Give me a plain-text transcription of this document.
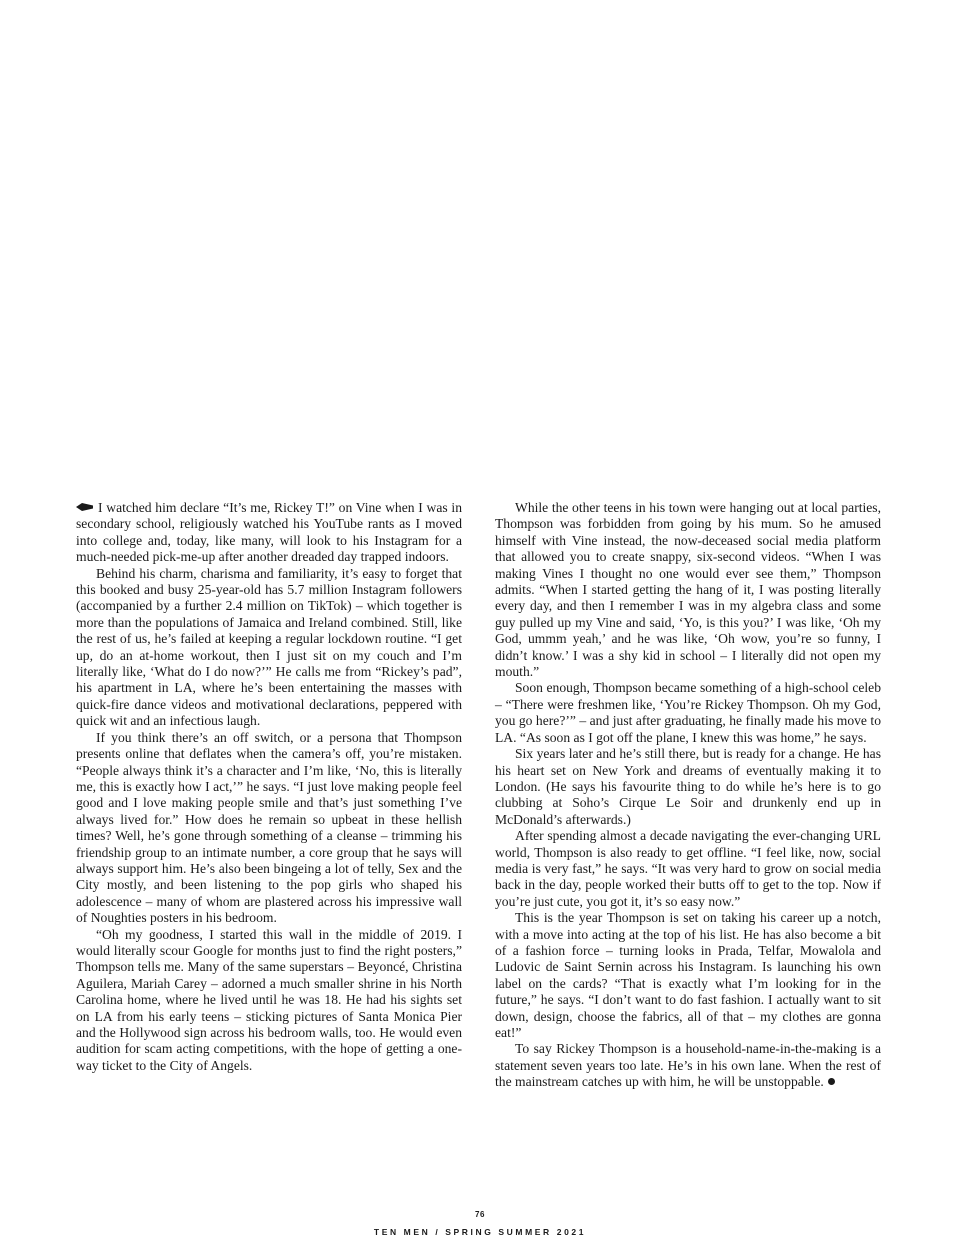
I watched him declare “It’s me, Rickey T!” on Vine when I was in secondary school, religiously watched his YouTube rants as I moved into college and, today, like many, will look to his Instagram for a much-needed pick-me-up after another dreaded day trapped indoors.

Behind his charm, charisma and familiarity, it’s easy to forget that this booked and busy 25-year-old has 5.7 million Instagram followers (accompanied by a further 2.4 million on TikTok) – which together is more than the populations of Jamaica and Ireland combined. Still, like the rest of us, he’s failed at keeping a regular lockdown routine. “I get up, do an at-home workout, then I just sit on my couch and I’m literally like, ‘What do I do now?’” He calls me from “Rickey’s pad”, his apartment in LA, where he’s been entertaining the masses with quick-fire dance videos and motivational declarations, peppered with quick wit and an infectious laugh.

If you think there’s an off switch, or a persona that Thompson presents online that deflates when the camera’s off, you’re mistaken. “People always think it’s a character and I’m like, ‘No, this is literally me, this is exactly how I act,’” he says. “I just love making people feel good and I love making people smile and that’s just something I’ve always lived for.” How does he remain so upbeat in these hellish times? Well, he’s gone through something of a cleanse – trimming his friendship group to an intimate number, a core group that he says will always support him. He’s also been bingeing a lot of telly, Sex and the City mostly, and been listening to the pop girls who shaped his adolescence – many of whom are plastered across his impressive wall of Noughties posters in his bedroom.

“Oh my goodness, I started this wall in the middle of 2019. I would literally scour Google for months just to find the right posters,” Thompson tells me. Many of the same superstars – Beyoncé, Christina Aguilera, Mariah Carey – adorned a much smaller shrine in his North Carolina home, where he lived until he was 18. He had his sights set on LA from his early teens – sticking pictures of Santa Monica Pier and the Hollywood sign across his bedroom walls, too. He would even audition for scam acting competitions, with the hope of getting a one-way ticket to the City of Angels.

While the other teens in his town were hanging out at local parties, Thompson was forbidden from going by his mum. So he amused himself with Vine instead, the now-deceased social media platform that allowed you to create snappy, six-second videos. “When I was making Vines I thought no one would ever see them,” Thompson admits. “When I started getting the hang of it, I was posting literally every day, and then I remember I was in my algebra class and some guy pulled up my Vine and said, ‘Yo, is this you?’ I was like, ‘Oh my God, ummm yeah,’ and he was like, ‘Oh wow, you’re so funny, I didn’t know.’ I was a shy kid in school – I literally did not open my mouth.”

Soon enough, Thompson became something of a high-school celeb – “There were freshmen like, ‘You’re Rickey Thompson. Oh my God, you go here?’” – and just after graduating, he finally made his move to LA. “As soon as I got off the plane, I knew this was home,” he says.

Six years later and he’s still there, but is ready for a change. He has his heart set on New York and dreams of eventually making it to London. (He says his favourite thing to do while he’s here is to go clubbing at Soho’s Cirque Le Soir and drunkenly end up in McDonald’s afterwards.)

After spending almost a decade navigating the ever-changing URL world, Thompson is also ready to get offline. “I feel like, now, social media is very fast,” he says. “It was very hard to grow on social media back in the day, people worked their butts off to get to the top. Now if you’re just cute, you got it, it’s so easy now.”

This is the year Thompson is set on taking his career up a notch, with a move into acting at the top of his list. He has also become a bit of a fashion force – turning looks in Prada, Telfar, Mowalola and Ludovic de Saint Sernin across his Instagram. Is launching his own label on the cards? “That is exactly what I’m looking for in the future,” he says. “I don’t want to do fast fashion. I actually want to sit down, design, choose the fabrics, all of that – my clothes are gonna eat!”

To say Rickey Thompson is a household-name-in-the-making is a statement seven years too late. He’s in his own lane. When the rest of the mainstream catches up with him, he will be unstoppable.

76
TEN MEN / SPRING SUMMER 2021
